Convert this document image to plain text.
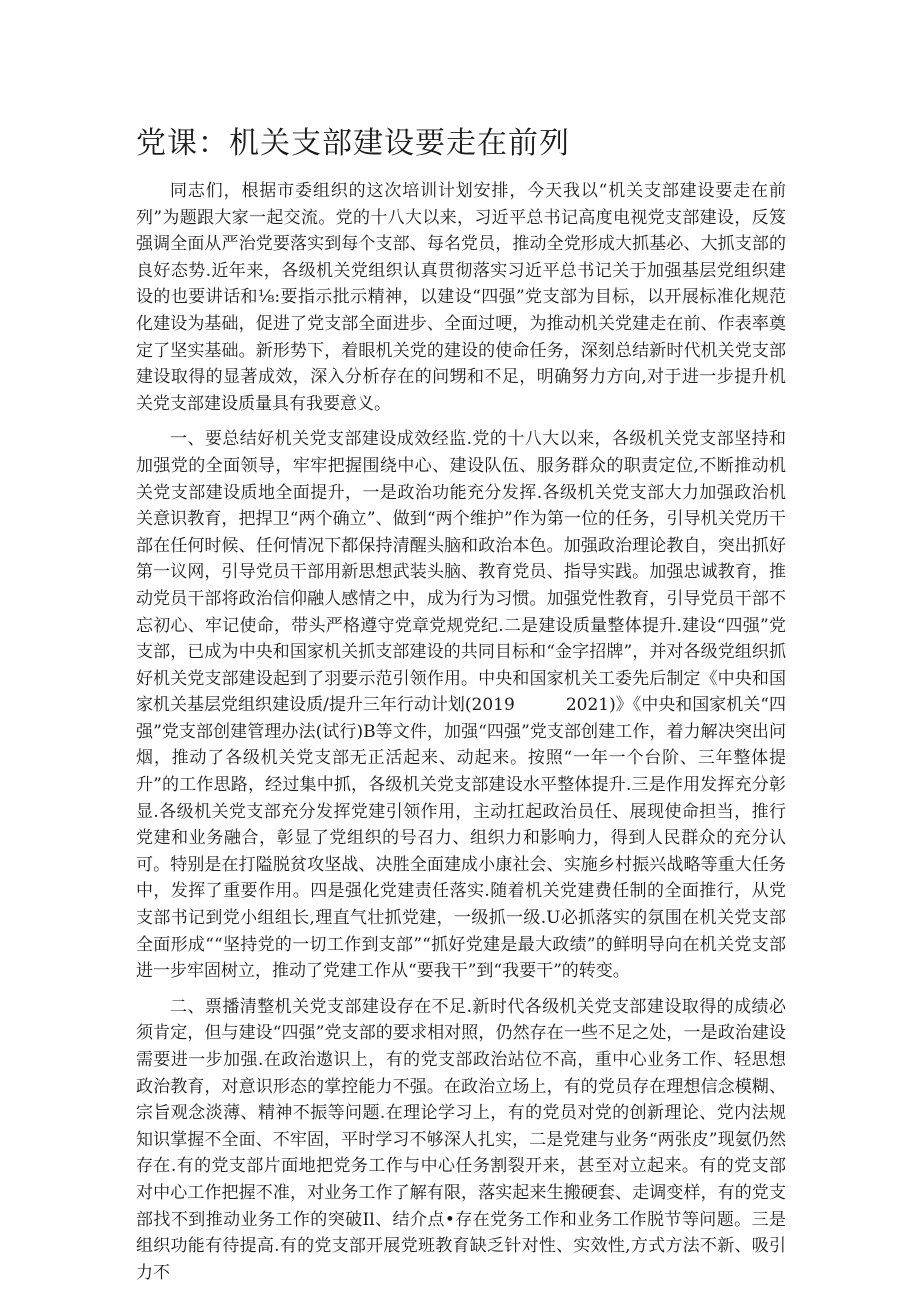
党课：机关支部建设要走在前列

同志们，根据市委组织的这次培训计划安排，今天我以“机关支部建设要走在前列”为题跟大家一起交流。党的十八大以来，习近平总书记高度电视党支部建设，反笈强调全面从严治党要落实到每个支部、每名党员，推动全党形成大抓基必、大抓支部的良好态势.近年来，各级机关党组织认真贯彻落实习近平总书记关于加强基层党组织建设的也要讲话和⅛:要指示批示精神，以建设“四强”党支部为目标，以开展标准化规范化建设为基础，促进了党支部全面进步、全面过哽，为推动机关党建走在前、作表率奠定了坚实基础。新形势下，着眼机关党的建设的使命任务，深刻总结新时代机关党支部建设取得的显著成效，深入分析存在的问甥和不足，明确努力方向,对于进一步提升机关党支部建设质量具有我要意义。

一、要总结好机关党支部建设成效经监.党的十八大以来，各级机关党支部坚持和加强党的全面领导，牢牢把握围绕中心、建设队伍、服务群众的职责定位,不断推动机关党支部建设质地全面提升，一是政治功能充分发挥.各级机关党支部大力加强政治机关意识教育，把捍卫“两个确立”、做到“两个维护”作为第一位的任务，引导机关党历干部在任何时候、任何情况下都保持清醒头脑和政治本色。加强政治理论教自，突出抓好第一议网，引导党员干部用新思想武装头脑、教育党员、指导实践。加强忠诚教育，推动党员干部将政治信仰融人感情之中，成为行为习惯。加强党性教育，引导党员干部不忘初心、牢记使命，带头严格遵守党章党规党纪.二是建设质量整体提升.建设“四强”党支部，已成为中央和国家机关抓支部建设的共同目标和“金字招牌”，并对各级党组织抓好机关党支部建设起到了羽要示范引领作用。中央和国家机关工委先后制定《中央和国家机关基层党组织建设质/提升三年行动计划(2019　　　2021)》《中央和国家机关“四强”党支部创建管理办法(试行)B等文件，加强“四强”党支部创建工作，着力解决突出问烟，推动了各级机关党支部无正活起来、动起来。按照“一年一个台阶、三年整体提升”的工作思路，经过集中抓，各级机关党支部建设水平整体提升.三是作用发挥充分彰显.各级机关党支部充分发挥党建引领作用，主动扛起政治员任、展现使命担当，推行党建和业务融合，彰显了党组织的号召力、组织力和影响力，得到人民群众的充分认可。特别是在打隘脱贫攻坚战、决胜全面建成小康社会、实施乡村振兴战略等重大任务中，发挥了重要作用。四是强化党建责任落实.随着机关党建费任制的全面推行，从党支部书记到党小组组长,理直气壮抓党建，一级抓一级.U必抓落实的氛围在机关党支部全面形成““坚持党的一切工作到支部”“抓好党建是最大政绩”的鲜明导向在机关党支部进一步牢固树立，推动了党建工作从“要我干”到“我要干”的转变。

二、票播清整机关党支部建设存在不足.新时代各级机关党支部建设取得的成绩必须肯定，但与建设“四强”党支部的要求相对照，仍然存在一些不足之处，一是政治建设需要进一步加强.在政治遨识上，有的党支部政治站位不高，重中心业务工作、轻思想政治教育，对意识形态的掌控能力不强。在政治立场上，有的党员存在理想信念模糊、宗旨观念淡薄、精神不振等问题.在理论学习上，有的党员对党的创新理论、党内法规知识掌握不全面、不牢固，平时学习不够深人扎实，二是党建与业务“两张皮”现氨仍然存在.有的党支部片面地把党务工作与中心任务割裂开来，甚至对立起来。有的党支部对中心工作把握不准，对业务工作了解有限，落实起来生搬硬套、走调变样，有的党支部找不到推动业务工作的突破Il、结介点•存在党务工作和业务工作脱节等问题。三是组织功能有待提高.有的党支部开展党班教育缺乏针对性、实效性,方式方法不新、吸引力不
